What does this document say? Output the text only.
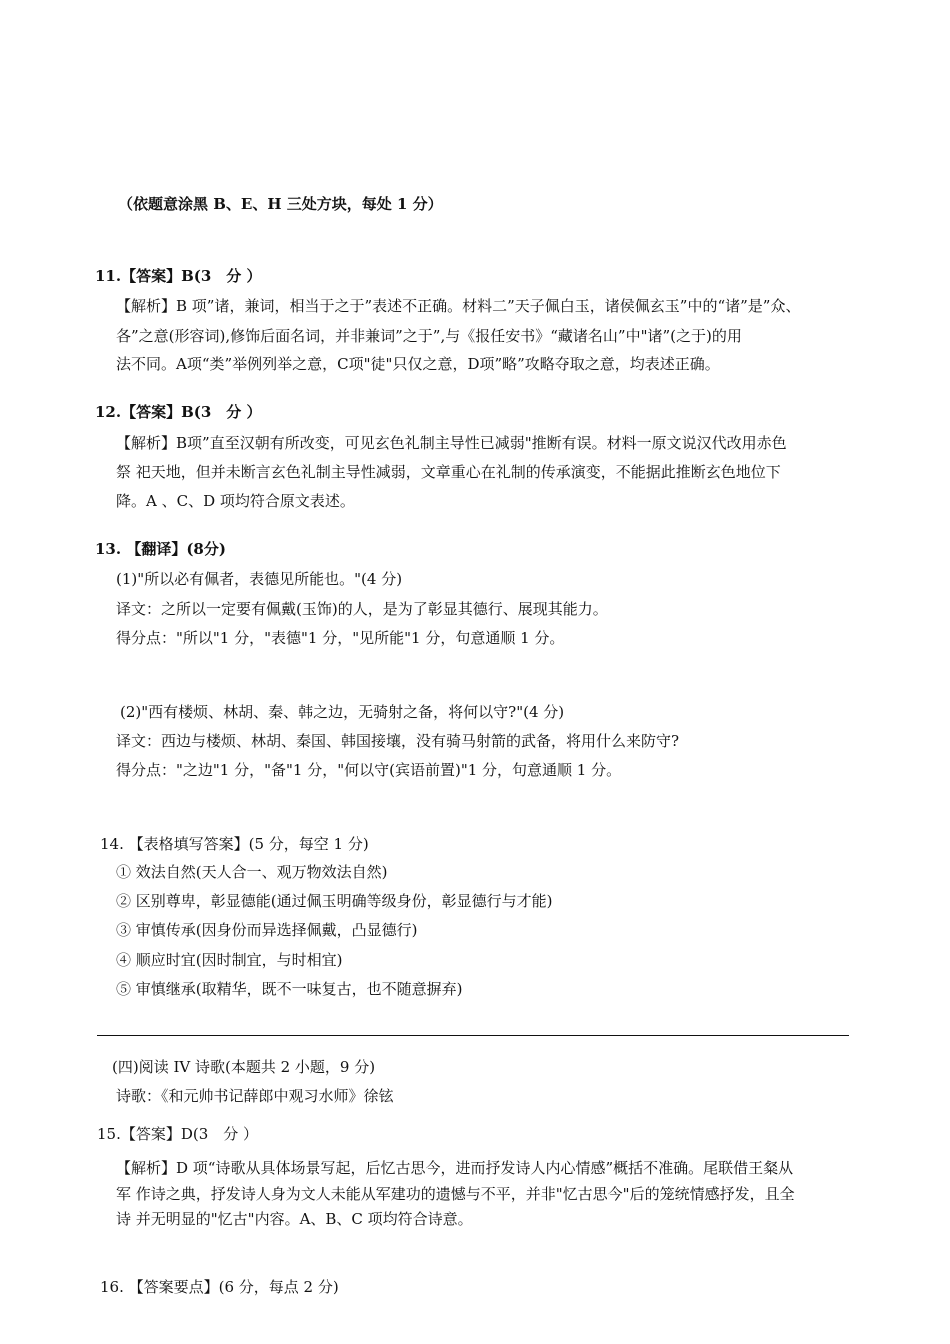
（依题意涂黑 B、E、H 三处方块，每处 1 分）
11.【答案】B(3　分 ）
【解析】B 项”诸，兼词，相当于之于”表述不正确。材料二”天子佩白玉，诸侯佩玄玉”中的“诸”是”众、
各”之意(形容词),修饰后面名词，并非兼词”之于”,与《报任安书》“藏诸名山”中"诸”(之于)的用
法不同。A项“类”举例列举之意，C项"徒"只仅之意，D项”略”攻略夺取之意，均表述正确。
12.【答案】B(3　分 ）
【解析】B项”直至汉朝有所改变，可见玄色礼制主导性已减弱"推断有误。材料一原文说汉代改用赤色
祭 祀天地，但并未断言玄色礼制主导性减弱，文章重心在礼制的传承演变，不能据此推断玄色地位下
降。A 、C、D 项均符合原文表述。
13. 【翻译】(8分)
(1)"所以必有佩者，表德见所能也。"(4 分)
译文：之所以一定要有佩戴(玉饰)的人，是为了彰显其德行、展现其能力。
得分点："所以"1 分，"表德"1 分，"见所能"1 分，句意通顺 1 分。
(2)"西有楼烦、林胡、秦、韩之边，无骑射之备，将何以守?"(4 分)
译文：西边与楼烦、林胡、秦国、韩国接壤，没有骑马射箭的武备，将用什么来防守?
得分点："之边"1 分，"备"1 分，"何以守(宾语前置)"1 分，句意通顺 1 分。
14. 【表格填写答案】(5 分，每空 1 分)
① 效法自然(天人合一、观万物效法自然)
② 区别尊卑，彰显德能(通过佩玉明确等级身份，彰显德行与才能)
③ 审慎传承(因身份而异选择佩戴，凸显德行)
④ 顺应时宜(因时制宜，与时相宜)
⑤ 审慎继承(取精华，既不一味复古，也不随意摒弃)
(四)阅读 IV 诗歌(本题共 2 小题，9 分)
诗歌：《和元帅书记薛郎中观习水师》徐铉
15.【答案】D(3　分 ）
【解析】D 项“诗歌从具体场景写起，后忆古思今，进而抒发诗人内心情感”概括不准确。尾联借王粲从
军 作诗之典，抒发诗人身为文人未能从军建功的遗憾与不平，并非"忆古思今"后的笼统情感抒发，且全
诗 并无明显的"忆古"内容。A、B、C 项均符合诗意。
16. 【答案要点】(6 分，每点 2 分)
